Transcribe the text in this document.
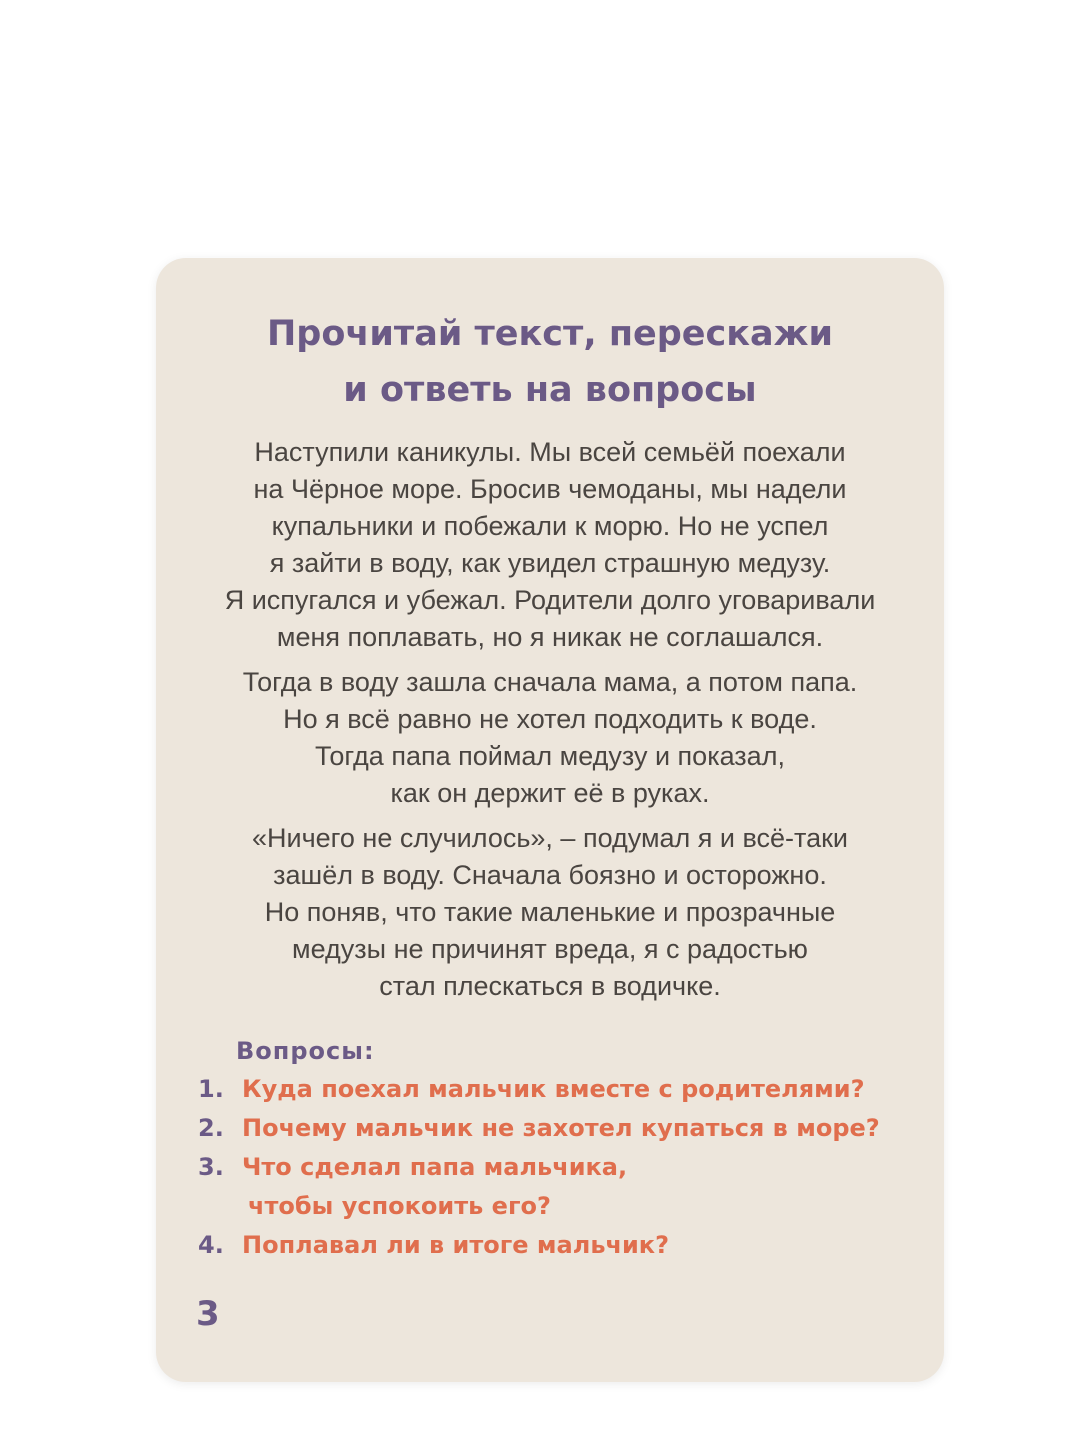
Прочитай текст, перескажи
и ответь на вопросы

Наступили каникулы. Мы всей семьёй поехали
на Чёрное море. Бросив чемоданы, мы надели
купальники и побежали к морю. Но не успел
я зайти в воду, как увидел страшную медузу.
Я испугался и убежал. Родители долго уговаривали
меня поплавать, но я никак не соглашался.

Тогда в воду зашла сначала мама, а потом папа.
Но я всё равно не хотел подходить к воде.
Тогда папа поймал медузу и показал,
как он держит её в руках.

«Ничего не случилось», – подумал я и всё-таки
зашёл в воду. Сначала боязно и осторожно.
Но поняв, что такие маленькие и прозрачные
медузы не причинят вреда, я с радостью
стал плескаться в водичке.

Вопросы:
1. Куда поехал мальчик вместе с родителями?
2. Почему мальчик не захотел купаться в море?
3. Что сделал папа мальчика,
чтобы успокоить его?
4. Поплавал ли в итоге мальчик?
3
